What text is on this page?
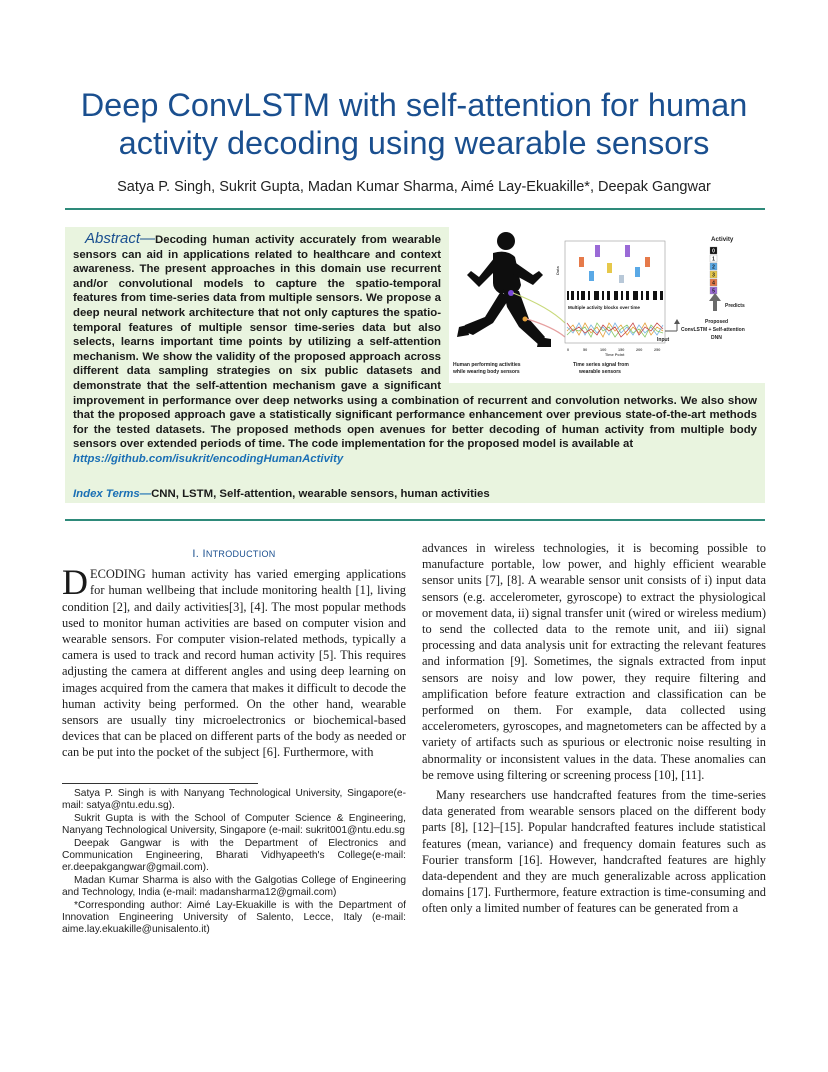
Deep ConvLSTM with self-attention for human activity decoding using wearable sensors
Satya P. Singh, Sukrit Gupta, Madan Kumar Sharma, Aimé Lay-Ekuakille*, Deepak Gangwar
Data
Multiple activity blocks over time
0	50	100	150	200	250
Time Point
Input
Activity
0
1
2
3
4
5
Predicts
Proposed
ConvLSTM + Self-attention
DNN
Human performing activities
while wearing body sensors
Time series signal from
wearable sensors
Abstract—Decoding human activity accurately from wearable sensors can aid in applications related to healthcare and context awareness. The present approaches in this domain use recurrent and/or convolutional models to capture the spatio-temporal features from time-series data from multiple sensors. We propose a deep neural network architecture that not only captures the spatio-temporal features of multiple sensor time-series data but also selects, learns important time points by utilizing a self-attention mechanism. We show the validity of the proposed approach across different data sampling strategies on six public datasets and demonstrate that the self-attention mechanism gave a significant improvement in performance over deep networks using a combination of recurrent and convolution networks. We also show that the proposed approach gave a statistically significant performance enhancement over previous state-of-the-art methods for the tested datasets. The proposed methods open avenues for better decoding of human activity from multiple body sensors over extended periods of time. The code implementation for the proposed model is available at
https://github.com/isukrit/encodingHumanActivity
Index Terms—CNN, LSTM, Self-attention, wearable sensors, human activities
I. INTRODUCTION

DECODING human activity has varied emerging applications for human wellbeing that include monitoring health [1], living condition [2], and daily activities[3], [4]. The most popular methods used to monitor human activities are based on computer vision and wearable sensors. For computer vision-related methods, typically a camera is used to track and record human activity [5]. This requires adjusting the camera at different angles and using deep learning on images acquired from the camera that makes it difficult to decode the human activity being performed. On the other hand, wearable sensors are usually tiny microelectronics or biochemical-based devices that can be placed on different parts of the body as needed or can be put into the pocket of the subject [6]. Furthermore, with

Satya P. Singh is with Nanyang Technological University, Singapore(e-mail: satya@ntu.edu.sg).

Sukrit Gupta is with the School of Computer Science & Engineering, Nanyang Technological University, Singapore (e-mail: sukrit001@ntu.edu.sg

Deepak Gangwar is with the Department of Electronics and Communication Engineering, Bharati Vidhyapeeth's College(e-mail: er.deepakgangwar@gmail.com).

Madan Kumar Sharma is also with the Galgotias College of Engineering and Technology, India (e-mail: madansharma12@gmail.com)

*Corresponding author: Aimé Lay-Ekuakille is with the Department of Innovation Engineering University of Salento, Lecce, Italy (e-mail: aime.lay.ekuakille@unisalento.it)

advances in wireless technologies, it is becoming possible to manufacture portable, low power, and highly efficient wearable sensor units [7], [8]. A wearable sensor unit consists of i) input data sensors (e.g. accelerometer, gyroscope) to extract the physiological or movement data, ii) signal transfer unit (wired or wireless medium) to send the collected data to the remote unit, and iii) signal processing and data analysis unit for extracting the relevant features and information [9]. Sometimes, the signals extracted from input sensors are noisy and low power, they require filtering and amplification before feature extraction and classification can be performed on them. For example, data collected using accelerometers, gyroscopes, and magnetometers can be affected by a variety of artifacts such as spurious or electronic noise resulting in abnormality or inconsistent values in the data. These anomalies can be remove using filtering or screening process [10], [11].

Many researchers use handcrafted features from the time-series data generated from wearable sensors placed on the different body parts [8], [12]–[15]. Popular handcrafted features include statistical features (mean, variance) and frequency domain features such as Fourier transform [16]. However, handcrafted features are highly data-dependent and they are much generalizable across application domains [17]. Furthermore, feature extraction is time-consuming and often only a limited number of features can be generated from a
